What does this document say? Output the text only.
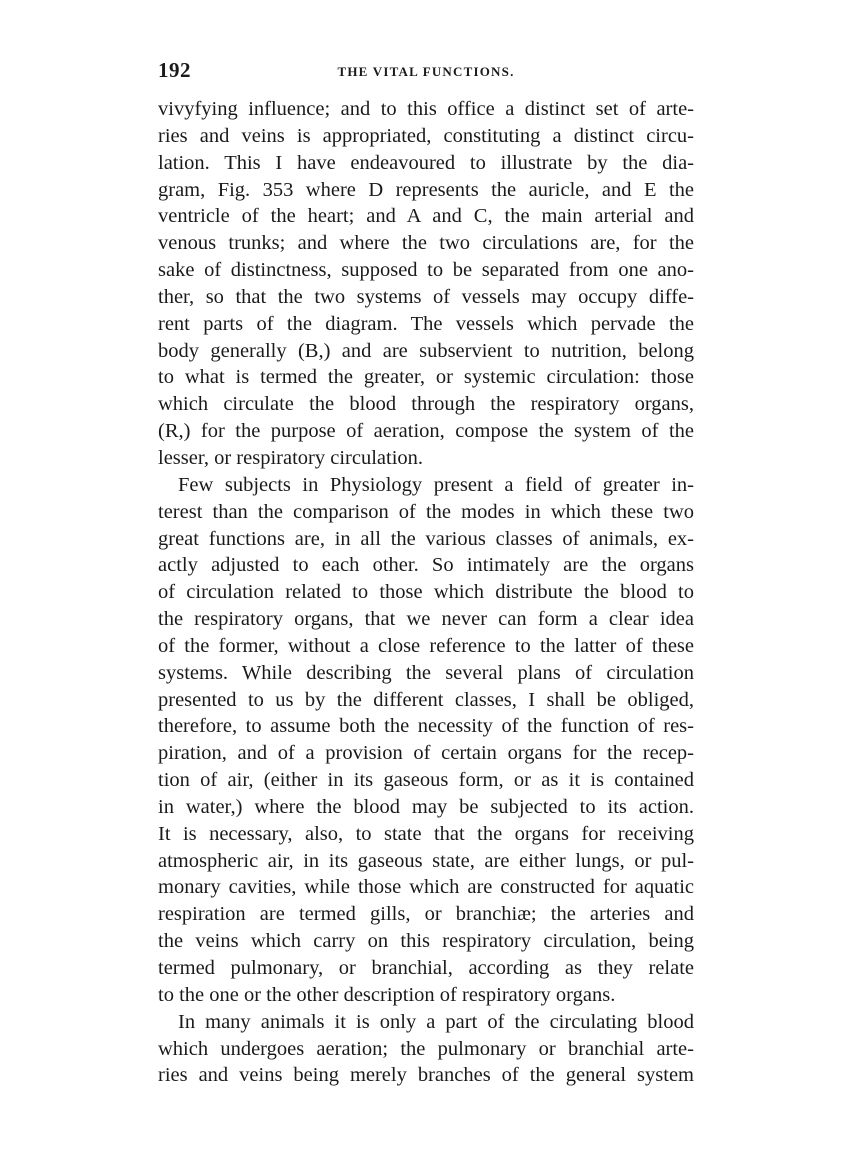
192	THE VITAL FUNCTIONS.
vivyfying influence; and to this office a distinct set of arte-
ries and veins is appropriated, constituting a distinct circu-
lation. This I have endeavoured to illustrate by the dia-
gram, Fig. 353 where D represents the auricle, and E the
ventricle of the heart; and A and C, the main arterial and
venous trunks; and where the two circulations are, for the
sake of distinctness, supposed to be separated from one ano-
ther, so that the two systems of vessels may occupy diffe-
rent parts of the diagram. The vessels which pervade the
body generally (B,) and are subservient to nutrition, belong
to what is termed the greater, or systemic circulation: those
which circulate the blood through the respiratory organs,
(R,) for the purpose of aeration, compose the system of the
lesser, or respiratory circulation.
Few subjects in Physiology present a field of greater in-
terest than the comparison of the modes in which these two
great functions are, in all the various classes of animals, ex-
actly adjusted to each other. So intimately are the organs
of circulation related to those which distribute the blood to
the respiratory organs, that we never can form a clear idea
of the former, without a close reference to the latter of these
systems. While describing the several plans of circulation
presented to us by the different classes, I shall be obliged,
therefore, to assume both the necessity of the function of res-
piration, and of a provision of certain organs for the recep-
tion of air, (either in its gaseous form, or as it is contained
in water,) where the blood may be subjected to its action.
It is necessary, also, to state that the organs for receiving
atmospheric air, in its gaseous state, are either lungs, or pul-
monary cavities, while those which are constructed for aquatic
respiration are termed gills, or branchiæ; the arteries and
the veins which carry on this respiratory circulation, being
termed pulmonary, or branchial, according as they relate
to the one or the other description of respiratory organs.
In many animals it is only a part of the circulating blood
which undergoes aeration; the pulmonary or branchial arte-
ries and veins being merely branches of the general system
